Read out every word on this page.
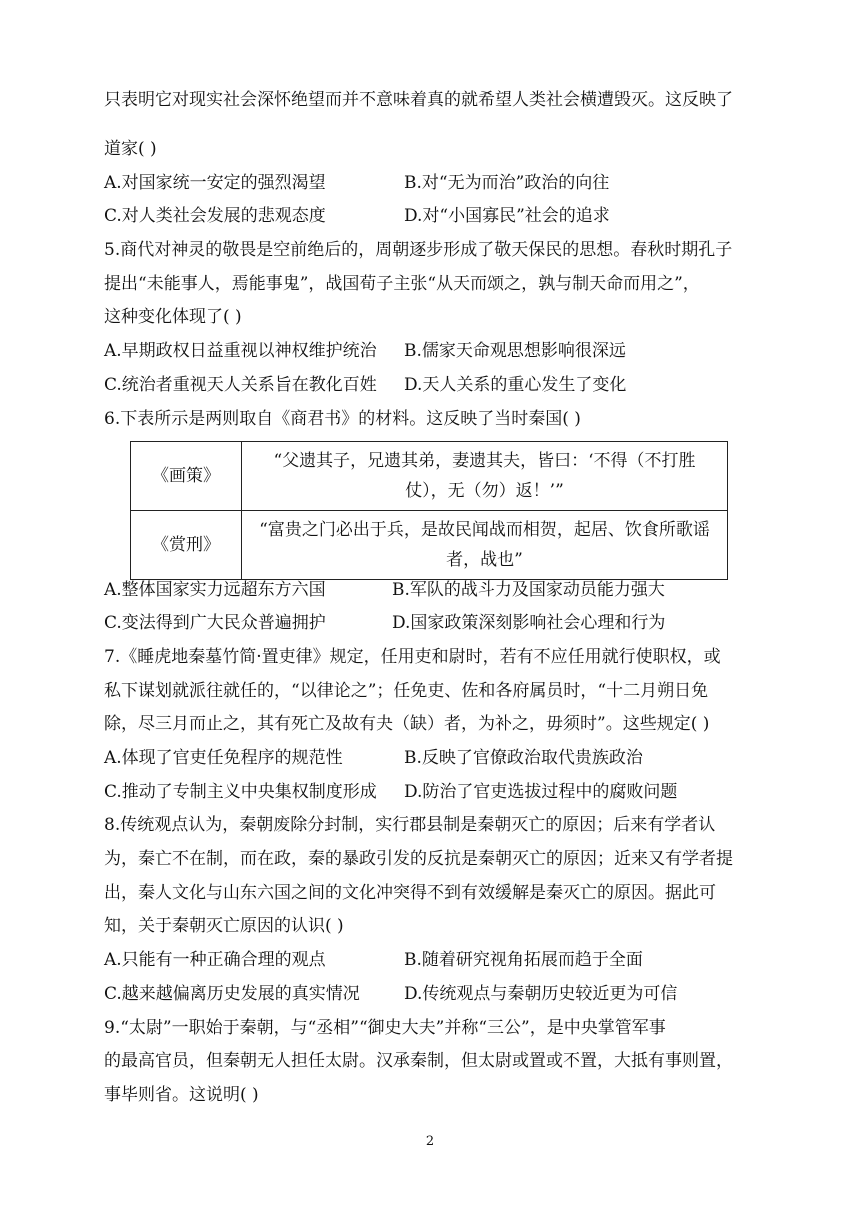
只表明它对现实社会深怀绝望而并不意味着真的就希望人类社会横遭毁灭。这反映了
道家( )
A.对国家统一安定的强烈渴望	B.对“无为而治”政治的向往
C.对人类社会发展的悲观态度	D.对“小国寡民”社会的追求
5.商代对神灵的敬畏是空前绝后的，周朝逐步形成了敬天保民的思想。春秋时期孔子
提出“未能事人，焉能事鬼”，战国荀子主张“从天而颂之，孰与制天命而用之”，
这种变化体现了( )
A.早期政权日益重视以神权维护统治 B.儒家天命观思想影响很深远
C.统治者重视天人关系旨在教化百姓 D.天人关系的重心发生了变化
6.下表所示是两则取自《商君书》的材料。这反映了当时秦国( )
《画策》	“父遗其子，兄遗其弟，妻遗其夫，皆曰：‘不得（不打胜
仗），无（勿）返！’”

《赏刑》	“富贵之门必出于兵，是故民闻战而相贺，起居、饮食所歌谣
者，战也”
A.整体国家实力远超东方六国	B.军队的战斗力及国家动员能力强大
C.变法得到广大民众普遍拥护	D.国家政策深刻影响社会心理和行为
7.《睡虎地秦墓竹简·置吏律》规定，任用吏和尉时，若有不应任用就行使职权，或
私下谋划就派往就任的，“以律论之”；任免吏、佐和各府属员时，“十二月朔日免
除，尽三月而止之，其有死亡及故有夬（缺）者，为补之，毋须时”。这些规定( )
A.体现了官吏任免程序的规范性	B.反映了官僚政治取代贵族政治
C.推动了专制主义中央集权制度形成 D.防治了官吏选拔过程中的腐败问题
8.传统观点认为，秦朝废除分封制，实行郡县制是秦朝灭亡的原因；后来有学者认
为，秦亡不在制，而在政，秦的暴政引发的反抗是秦朝灭亡的原因；近来又有学者提
出，秦人文化与山东六国之间的文化冲突得不到有效缓解是秦灭亡的原因。据此可
知，关于秦朝灭亡原因的认识( )
A.只能有一种正确合理的观点	B.随着研究视角拓展而趋于全面
C.越来越偏离历史发展的真实情况	D.传统观点与秦朝历史较近更为可信
9.“太尉”一职始于秦朝，与“丞相”“御史大夫”并称“三公”，是中央掌管军事
的最高官员，但秦朝无人担任太尉。汉承秦制，但太尉或置或不置，大抵有事则置，
事毕则省。这说明( )
2
